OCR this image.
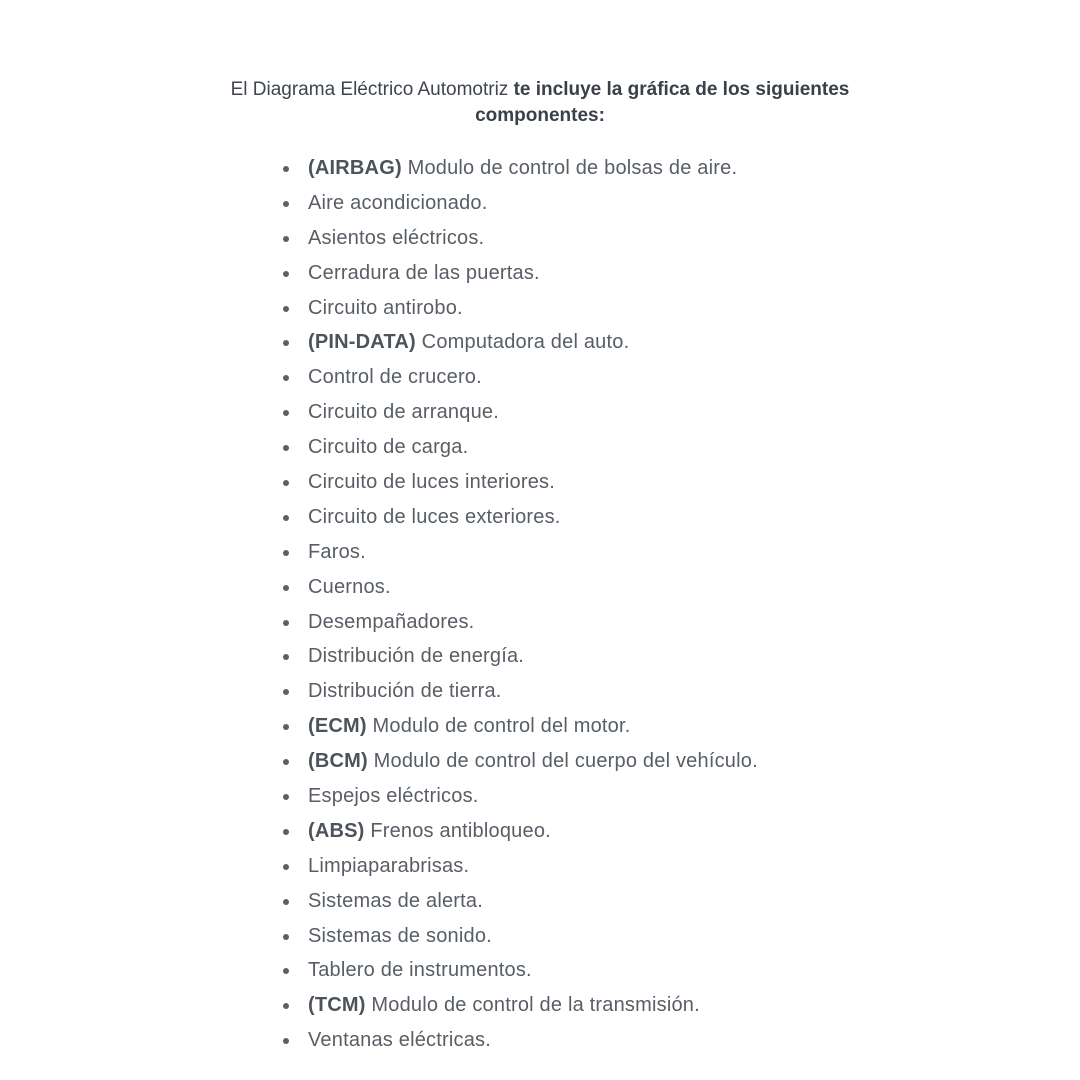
El Diagrama Eléctrico Automotriz te incluye la gráfica de los siguientes
componentes:
(AIRBAG) Modulo de control de bolsas de aire.
Aire acondicionado.
Asientos eléctricos.
Cerradura de las puertas.
Circuito antirobo.
(PIN-DATA) Computadora del auto.
Control de crucero.
Circuito de arranque.
Circuito de carga.
Circuito de luces interiores.
Circuito de luces exteriores.
Faros.
Cuernos.
Desempañadores.
Distribución de energía.
Distribución de tierra.
(ECM) Modulo de control del motor.
(BCM) Modulo de control del cuerpo del vehículo.
Espejos eléctricos.
(ABS) Frenos antibloqueo.
Limpiaparabrisas.
Sistemas de alerta.
Sistemas de sonido.
Tablero de instrumentos.
(TCM) Modulo de control de la transmisión.
Ventanas eléctricas.
